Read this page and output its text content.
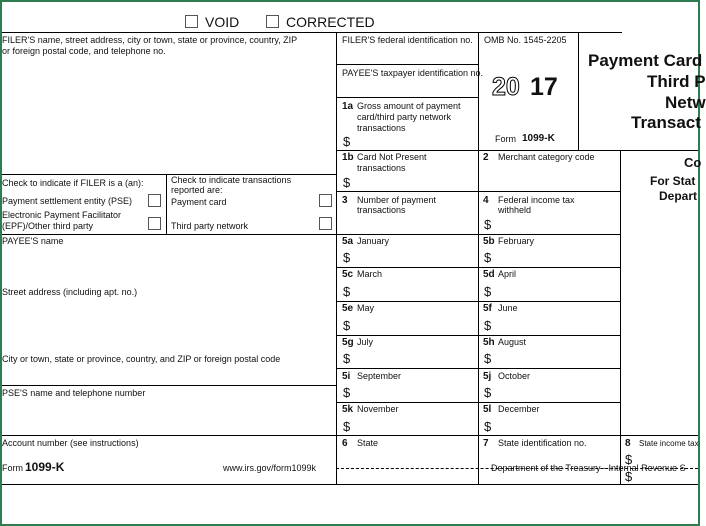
VOID	CORRECTED
FILER'S name, street address, city or town, state or province, country, ZIP
or foreign postal code, and telephone no.
FILER'S federal identification no.
PAYEE'S taxpayer identification no.
OMB No. 1545-2205
20 17
Form 1099-K
Payment Card
Third P
Netw
Transact
Co
For Stat
Depart
1a Gross amount of payment
card/third party network
transactions
$
1b Card Not Present
transactions
$
2 Merchant category code
Check to indicate if FILER is a (an):
Payment settlement entity (PSE)
Electronic Payment Facilitator
(EPF)/Other third party
Check to indicate transactions
reported are:
Payment card
Third party network
3 Number of payment
transactions
4 Federal income tax
withheld
$
PAYEE'S name
Street address (including apt. no.)
City or town, state or province, country, and ZIP or foreign postal code
PSE'S name and telephone number
Account number (see instructions)
5a January
$
5b February
$
5c March
$
5d April
$
5e May
$
5f June
$
5g July
$
5h August
$
5i September
$
5j October
$
5k November
$
5l December
$
6 State	7 State identification no.	8 State income tax
$
$
Form 1099-K	www.irs.gov/form1099k	Department of the Treasury - Internal Revenue S
